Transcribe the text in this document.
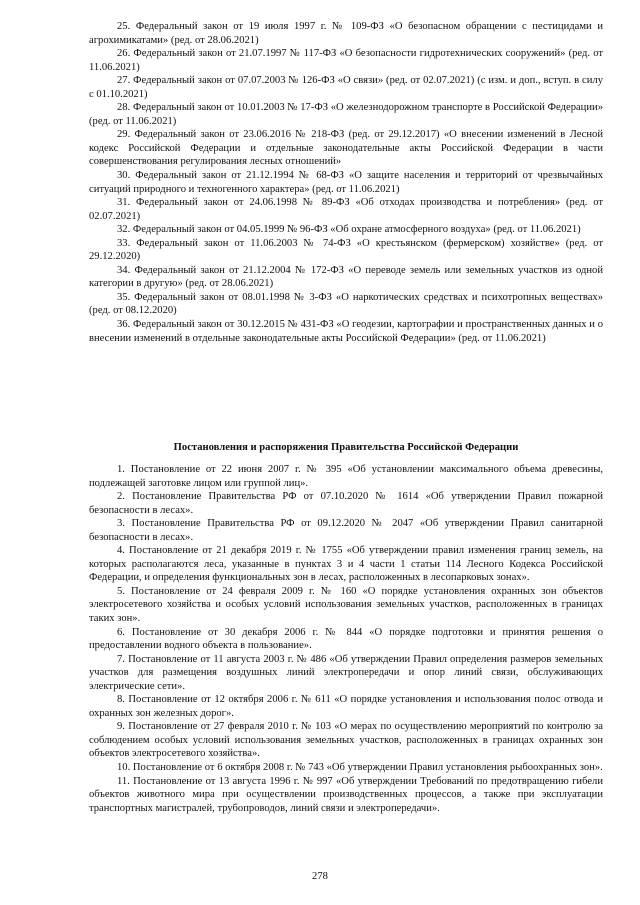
25. Федеральный закон от 19 июля 1997 г. № 109-ФЗ «О безопасном обращении с пестицидами и агрохимикатами» (ред. от 28.06.2021)

26. Федеральный закон от 21.07.1997 № 117-ФЗ «О безопасности гидротехнических сооружений» (ред. от 11.06.2021)

27. Федеральный закон от 07.07.2003 № 126-ФЗ «О связи» (ред. от 02.07.2021) (с изм. и доп., вступ. в силу с 01.10.2021)

28. Федеральный закон от 10.01.2003 № 17-ФЗ «О железнодорожном транспорте в Российской Федерации» (ред. от 11.06.2021)

29. Федеральный закон от 23.06.2016 № 218-ФЗ (ред. от 29.12.2017) «О внесении изменений в Лесной кодекс Российской Федерации и отдельные законодательные акты Российской Федерации в части совершенствования регулирования лесных отношений»

30. Федеральный закон от 21.12.1994 № 68-ФЗ «О защите населения и территорий от чрезвычайных ситуаций природного и техногенного характера» (ред. от 11.06.2021)

31. Федеральный закон от 24.06.1998 № 89-ФЗ «Об отходах производства и потребления» (ред. от 02.07.2021)

32. Федеральный закон от 04.05.1999 № 96-ФЗ «Об охране атмосферного воздуха» (ред. от 11.06.2021)

33. Федеральный закон от 11.06.2003 № 74-ФЗ «О крестьянском (фермерском) хозяйстве» (ред. от 29.12.2020)

34. Федеральный закон от 21.12.2004 № 172-ФЗ «О переводе земель или земельных участков из одной категории в другую» (ред. от 28.06.2021)

35. Федеральный закон от 08.01.1998 № 3-ФЗ «О наркотических средствах и психотропных веществах» (ред. от 08.12.2020)

36. Федеральный закон от 30.12.2015 № 431-ФЗ «О геодезии, картографии и пространственных данных и о внесении изменений в отдельные законодательные акты Российской Федерации» (ред. от 11.06.2021)

Постановления и распоряжения Правительства Российской Федерации

1. Постановление от 22 июня 2007 г. № 395 «Об установлении максимального объема древесины, подлежащей заготовке лицом или группой лиц».

2. Постановление Правительства РФ от 07.10.2020 № 1614 «Об утверждении Правил пожарной безопасности в лесах».

3. Постановление Правительства РФ от 09.12.2020 № 2047 «Об утверждении Правил санитарной безопасности в лесах».

4. Постановление от 21 декабря 2019 г. № 1755 «Об утверждении правил изменения границ земель, на которых располагаются леса, указанные в пунктах 3 и 4 части 1 статьи 114 Лесного Кодекса Российской Федерации, и определения функциональных зон в лесах, расположенных в лесопарковых зонах».

5. Постановление от 24 февраля 2009 г. № 160 «О порядке установления охранных зон объектов электросетевого хозяйства и особых условий использования земельных участков, расположенных в границах таких зон».

6. Постановление от 30 декабря 2006 г. № 844 «О порядке подготовки и принятия решения о предоставлении водного объекта в пользование».

7. Постановление от 11 августа 2003 г. № 486 «Об утверждении Правил определения размеров земельных участков для размещения воздушных линий электропередачи и опор линий связи, обслуживающих электрические сети».

8. Постановление от 12 октября 2006 г. № 611 «О порядке установления и использования полос отвода и охранных зон железных дорог».

9. Постановление от 27 февраля 2010 г. № 103 «О мерах по осуществлению мероприятий по контролю за соблюдением особых условий использования земельных участков, расположенных в границах охранных зон объектов электросетевого хозяйства».

10. Постановление от 6 октября 2008 г. № 743 «Об утверждении Правил установления рыбоохранных зон».

11. Постановление от 13 августа 1996 г. № 997 «Об утверждении Требований по предотвращению гибели объектов животного мира при осуществлении производственных процессов, а также при эксплуатации транспортных магистралей, трубопроводов, линий связи и электропередачи».

278
